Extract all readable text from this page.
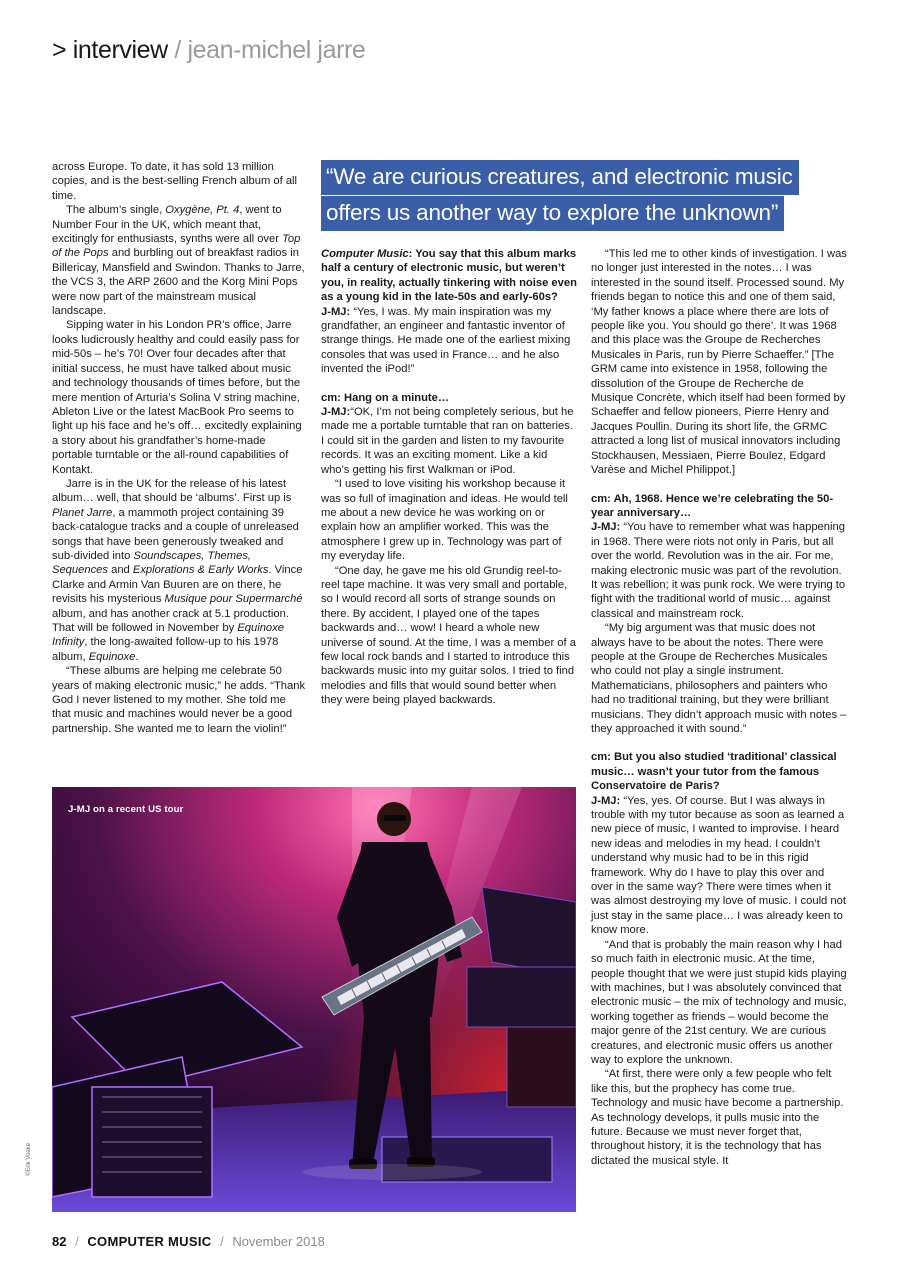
> interview / jean-michel jarre
“We are curious creatures, and electronic music
offers us another way to explore the unknown”

across Europe. To date, it has sold 13 million copies, and is the best-selling French album of all time.

The album’s single, Oxygène, Pt. 4, went to Number Four in the UK, which meant that, excitingly for enthusiasts, synths were all over Top of the Pops and burbling out of breakfast radios in Billericay, Mansfield and Swindon. Thanks to Jarre, the VCS 3, the ARP 2600 and the Korg Mini Pops were now part of the mainstream musical landscape.

Sipping water in his London PR’s office, Jarre looks ludicrously healthy and could easily pass for mid-50s – he’s 70! Over four decades after that initial success, he must have talked about music and technology thousands of times before, but the mere mention of Arturia’s Solina V string machine, Ableton Live or the latest MacBook Pro seems to light up his face and he’s off… excitedly explaining a story about his grandfather’s home-made portable turntable or the all-round capabilities of Kontakt.

Jarre is in the UK for the release of his latest album… well, that should be ‘albums’. First up is Planet Jarre, a mammoth project containing 39 back-catalogue tracks and a couple of unreleased songs that have been generously tweaked and sub-divided into Soundscapes, Themes, Sequences and Explorations & Early Works. Vince Clarke and Armin Van Buuren are on there, he revisits his mysterious Musique pour Supermarché album, and has another crack at 5.1 production. That will be followed in November by Equinoxe Infinity, the long-awaited follow-up to his 1978 album, Equinoxe.

“These albums are helping me celebrate 50 years of making electronic music,” he adds. “Thank God I never listened to my mother. She told me that music and machines would never be a good partnership. She wanted me to learn the violin!”

Computer Music: You say that this album marks half a century of electronic music, but weren’t you, in reality, actually tinkering with noise even as a young kid in the late-50s and early-60s?

J-MJ: “Yes, I was. My main inspiration was my grandfather, an engineer and fantastic inventor of strange things. He made one of the earliest mixing consoles that was used in France… and he also invented the iPod!”

cm: Hang on a minute…

J-MJ:“OK, I’m not being completely serious, but he made me a portable turntable that ran on batteries. I could sit in the garden and listen to my favourite records. It was an exciting moment. Like a kid who’s getting his first Walkman or iPod.

“I used to love visiting his workshop because it was so full of imagination and ideas. He would tell me about a new device he was working on or explain how an amplifier worked. This was the atmosphere I grew up in. Technology was part of my everyday life.

“One day, he gave me his old Grundig reel-to-reel tape machine. It was very small and portable, so I would record all sorts of strange sounds on there. By accident, I played one of the tapes backwards and… wow! I heard a whole new universe of sound. At the time, I was a member of a few local rock bands and I started to introduce this backwards music into my guitar solos. I tried to find melodies and fills that would sound better when they were being played backwards.

“This led me to other kinds of investigation. I was no longer just interested in the notes… I was interested in the sound itself. Processed sound. My friends began to notice this and one of them said, ‘My father knows a place where there are lots of people like you. You should go there’. It was 1968 and this place was the Groupe de Recherches Musicales in Paris, run by Pierre Schaeffer.” [The GRM came into existence in 1958, following the dissolution of the Groupe de Recherche de Musique Concrète, which itself had been formed by Schaeffer and fellow pioneers, Pierre Henry and Jacques Poullin. During its short life, the GRMC attracted a long list of musical innovators including Stockhausen, Messiaen, Pierre Boulez, Edgard Varèse and Michel Philippot.]

cm: Ah, 1968. Hence we’re celebrating the 50-year anniversary…

J-MJ: “You have to remember what was happening in 1968. There were riots not only in Paris, but all over the world. Revolution was in the air. For me, making electronic music was part of the revolution. It was rebellion; it was punk rock. We were trying to fight with the traditional world of music… against classical and mainstream rock.

“My big argument was that music does not always have to be about the notes. There were people at the Groupe de Recherches Musicales who could not play a single instrument. Mathematicians, philosophers and painters who had no traditional training, but they were brilliant musicians. They didn’t approach music with notes – they approached it with sound.”

cm: But you also studied ‘traditional’ classical music… wasn’t your tutor from the famous Conservatoire de Paris?

J-MJ: “Yes, yes. Of course. But I was always in trouble with my tutor because as soon as learned a new piece of music, I wanted to improvise. I heard new ideas and melodies in my head. I couldn’t understand why music had to be in this rigid framework. Why do I have to play this over and over in the same way? There were times when it was almost destroying my love of music. I could not just stay in the same place… I was already keen to know more.

“And that is probably the main reason why I had so much faith in electronic music. At the time, people thought that we were just stupid kids playing with machines, but I was absolutely convinced that electronic music – the mix of technology and music, working together as friends – would become the major genre of the 21st century. We are curious creatures, and electronic music offers us another way to explore the unknown.

“At first, there were only a few people who felt like this, but the prophecy has come true. Technology and music have become a partnership. As technology develops, it pulls music into the future. Because we must never forget that, throughout history, it is the technology that has dictated the musical style. It

J-MJ on a recent US tour
©Erik Voake
82 / COMPUTER MUSIC / November 2018
